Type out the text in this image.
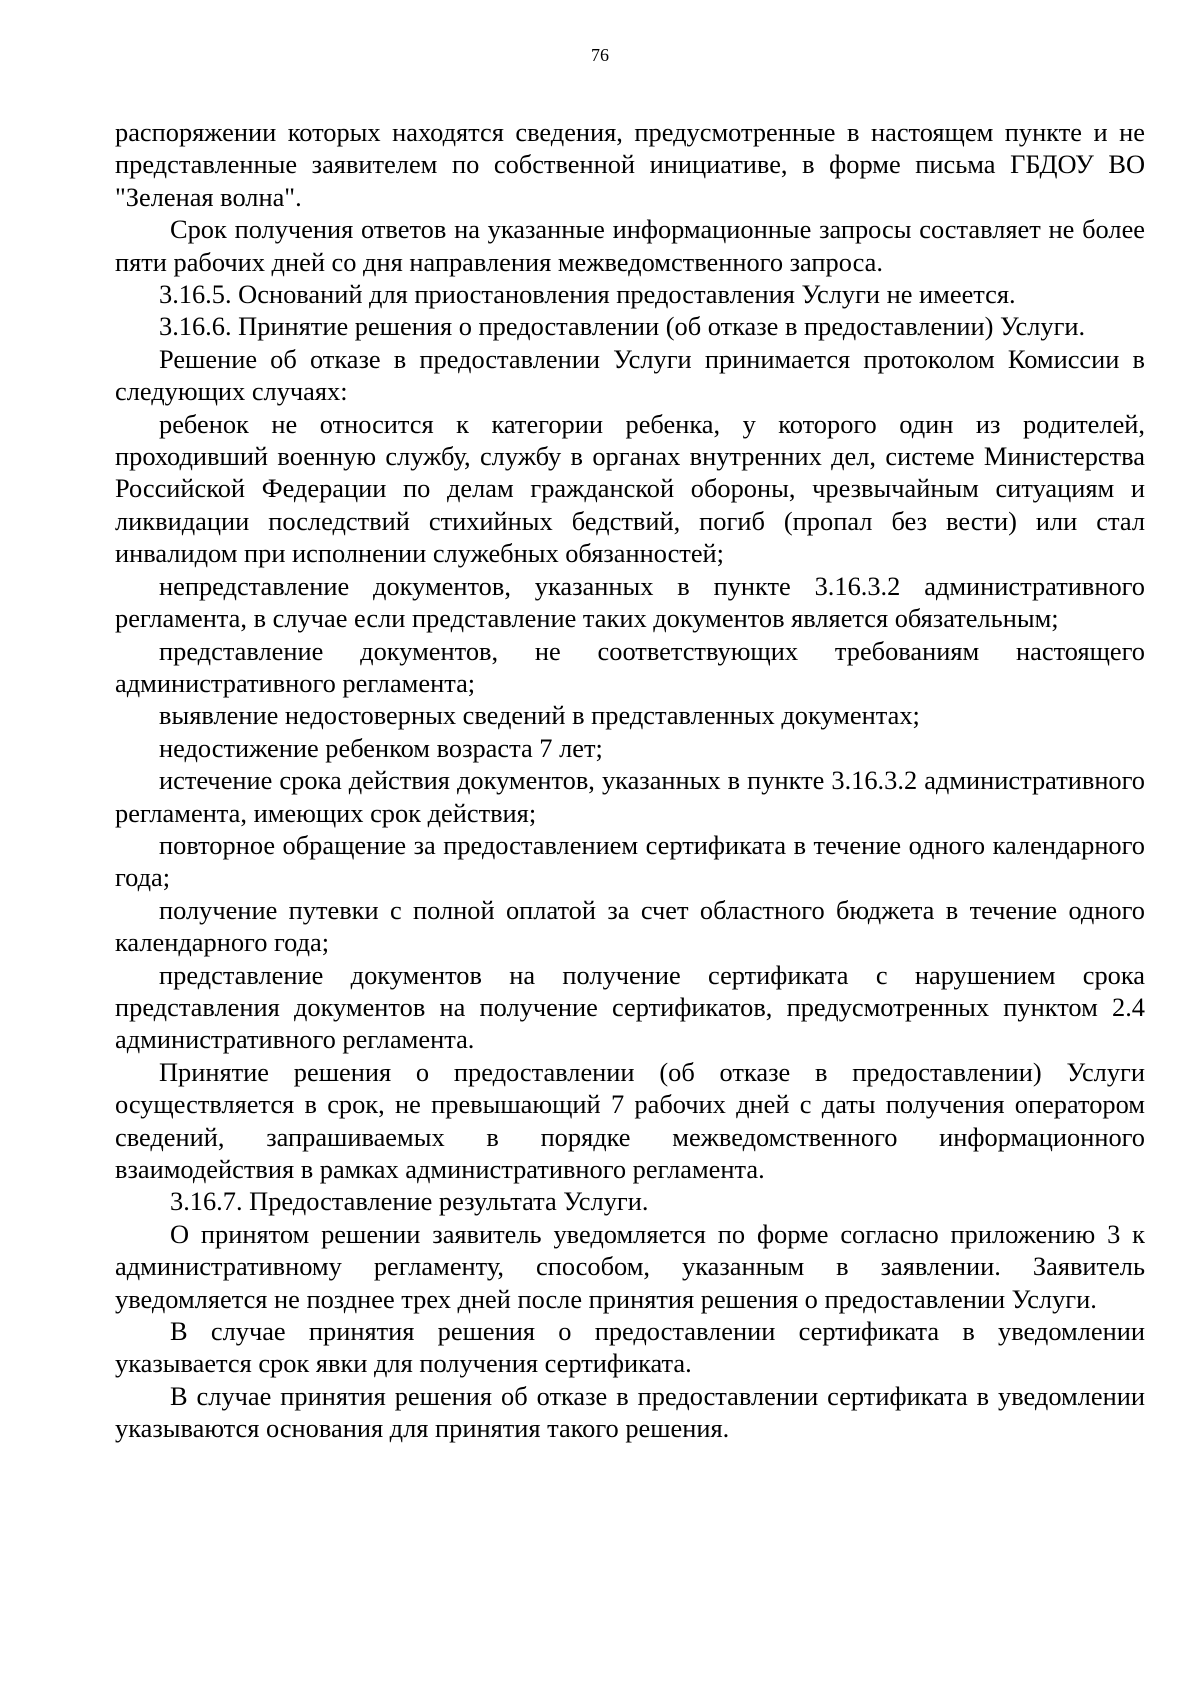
76

распоряжении которых находятся сведения, предусмотренные в настоящем пункте и не представленные заявителем по собственной инициативе, в форме письма ГБДОУ ВО "Зеленая волна".

Срок получения ответов на указанные информационные запросы составляет не более пяти рабочих дней со дня направления межведомственного запроса.

3.16.5. Оснований для приостановления предоставления Услуги не имеется.

3.16.6. Принятие решения о предоставлении (об отказе в предоставлении) Услуги.

Решение об отказе в предоставлении Услуги принимается протоколом Комиссии в следующих случаях:

ребенок не относится к категории ребенка, у которого один из родителей, проходивший военную службу, службу в органах внутренних дел, системе Министерства Российской Федерации по делам гражданской обороны, чрезвычайным ситуациям и ликвидации последствий стихийных бедствий, погиб (пропал без вести) или стал инвалидом при исполнении служебных обязанностей;

непредставление документов, указанных в пункте 3.16.3.2 административного регламента, в случае если представление таких документов является обязательным;

представление документов, не соответствующих требованиям настоящего административного регламента;

выявление недостоверных сведений в представленных документах;

недостижение ребенком возраста 7 лет;

истечение срока действия документов, указанных в пункте 3.16.3.2 административного регламента, имеющих срок действия;

повторное обращение за предоставлением сертификата в течение одного календарного года;

получение путевки с полной оплатой за счет областного бюджета в течение одного календарного года;

представление документов на получение сертификата с нарушением срока представления документов на получение сертификатов, предусмотренных пунктом 2.4 административного регламента.

Принятие решения о предоставлении (об отказе в предоставлении) Услуги осуществляется в срок, не превышающий 7 рабочих дней с даты получения оператором сведений, запрашиваемых в порядке межведомственного информационного взаимодействия в рамках административного регламента.

3.16.7. Предоставление результата Услуги.

О принятом решении заявитель уведомляется по форме согласно приложению 3 к административному регламенту, способом, указанным в заявлении. Заявитель уведомляется не позднее трех дней после принятия решения о предоставлении Услуги.

В случае принятия решения о предоставлении сертификата в уведомлении указывается срок явки для получения сертификата.

В случае принятия решения об отказе в предоставлении сертификата в уведомлении указываются основания для принятия такого решения.
